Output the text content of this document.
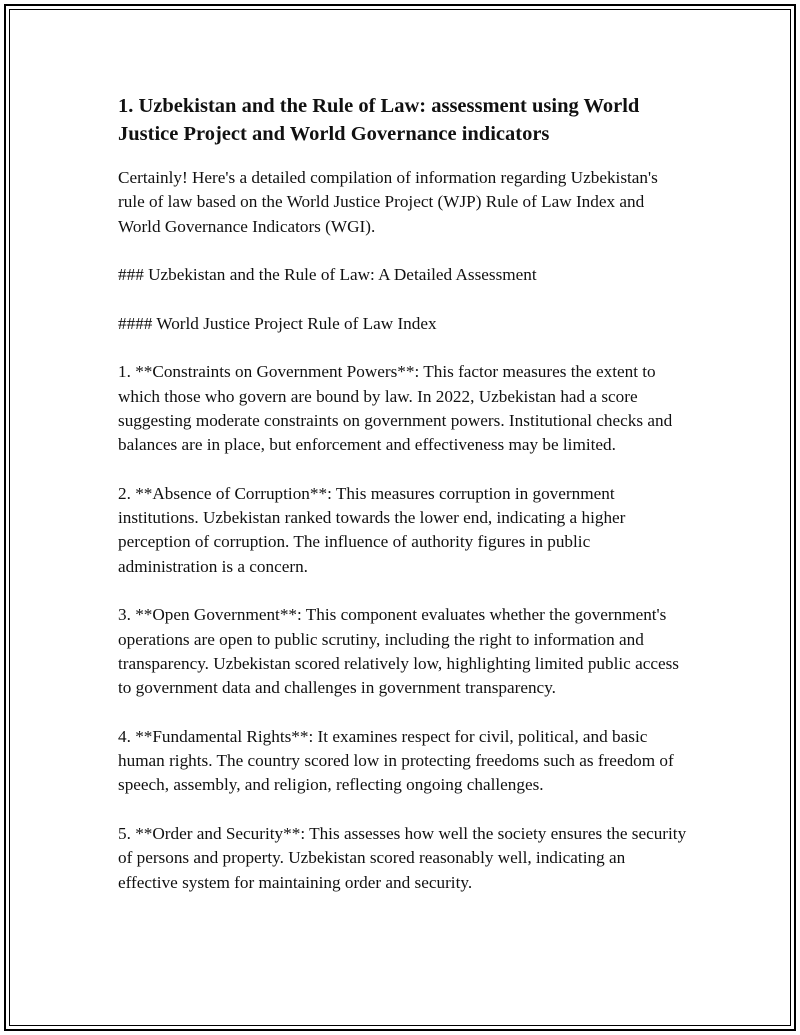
1. Uzbekistan and the Rule of Law: assessment using World Justice Project and World Governance indicators

Certainly! Here's a detailed compilation of information regarding Uzbekistan's rule of law based on the World Justice Project (WJP) Rule of Law Index and World Governance Indicators (WGI).

### Uzbekistan and the Rule of Law: A Detailed Assessment

#### World Justice Project Rule of Law Index

1. **Constraints on Government Powers**: This factor measures the extent to which those who govern are bound by law. In 2022, Uzbekistan had a score suggesting moderate constraints on government powers. Institutional checks and balances are in place, but enforcement and effectiveness may be limited.

2. **Absence of Corruption**: This measures corruption in government institutions. Uzbekistan ranked towards the lower end, indicating a higher perception of corruption. The influence of authority figures in public administration is a concern.

3. **Open Government**: This component evaluates whether the government's operations are open to public scrutiny, including the right to information and transparency. Uzbekistan scored relatively low, highlighting limited public access to government data and challenges in government transparency.

4. **Fundamental Rights**: It examines respect for civil, political, and basic human rights. The country scored low in protecting freedoms such as freedom of speech, assembly, and religion, reflecting ongoing challenges.

5. **Order and Security**: This assesses how well the society ensures the security of persons and property. Uzbekistan scored reasonably well, indicating an effective system for maintaining order and security.
